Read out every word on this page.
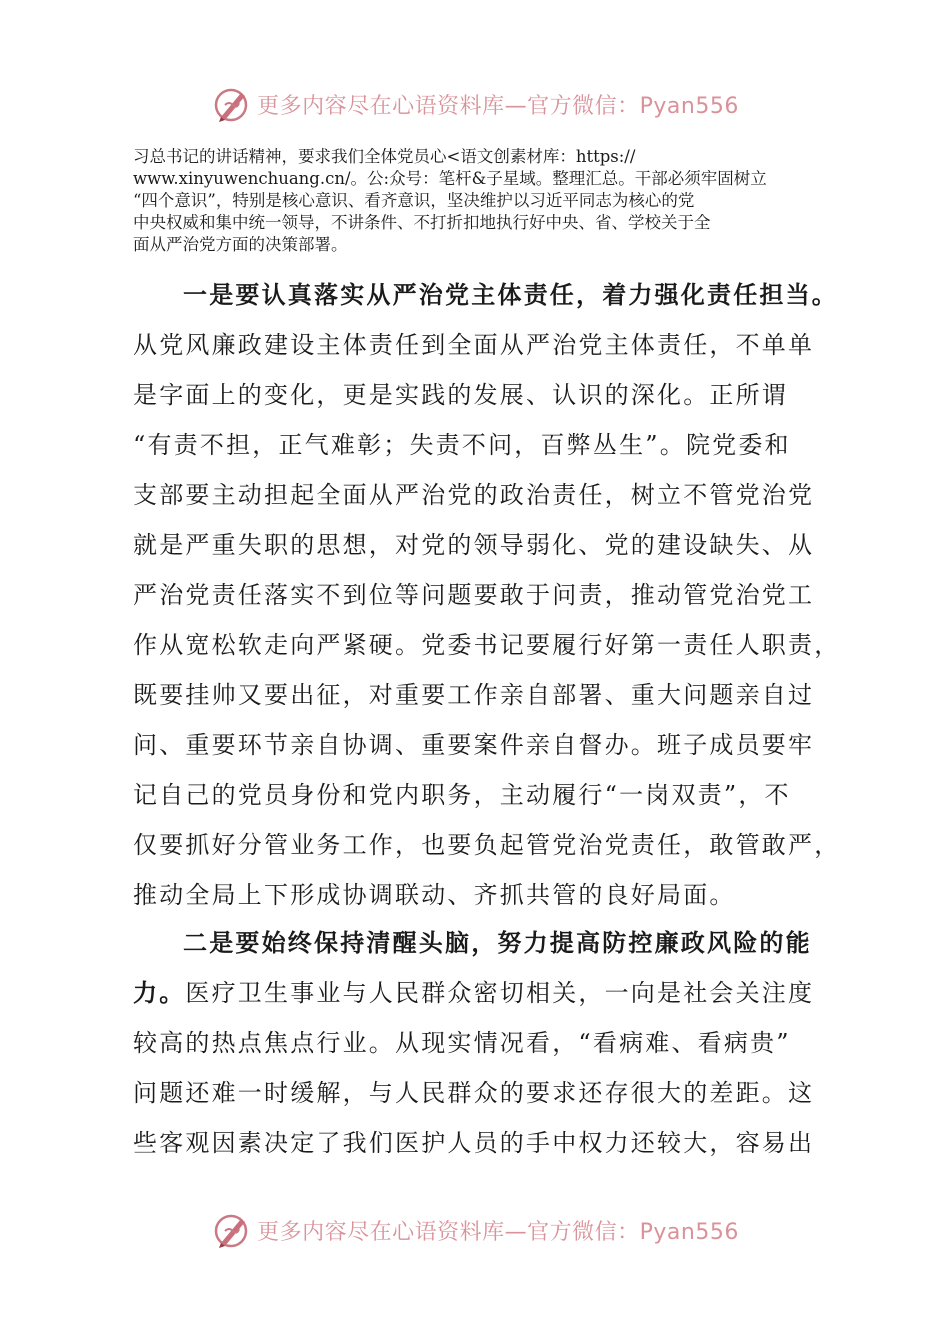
更多内容尽在心语资料库—官方微信：Pyan556
习总书记的讲话精神，要求我们全体党员心<语文创素材库：https://
www.xinyuwenchuang.cn/。公:众号：笔杆&子星域。整理汇总。干部必须牢固树立
“四个意识”，特别是核心意识、看齐意识，坚决维护以习近平同志为核心的党
中央权威和集中统一领导，不讲条件、不打折扣地执行好中央、省、学校关于全
面从严治党方面的决策部署。
一是要认真落实从严治党主体责任，着力强化责任担当。
从党风廉政建设主体责任到全面从严治党主体责任，不单单
是字面上的变化，更是实践的发展、认识的深化。正所谓
“有责不担，正气难彰；失责不问，百弊丛生”。院党委和
支部要主动担起全面从严治党的政治责任，树立不管党治党
就是严重失职的思想，对党的领导弱化、党的建设缺失、从
严治党责任落实不到位等问题要敢于问责，推动管党治党工
作从宽松软走向严紧硬。党委书记要履行好第一责任人职责，
既要挂帅又要出征，对重要工作亲自部署、重大问题亲自过
问、重要环节亲自协调、重要案件亲自督办。班子成员要牢
记自己的党员身份和党内职务，主动履行“一岗双责”，不
仅要抓好分管业务工作，也要负起管党治党责任，敢管敢严，
推动全局上下形成协调联动、齐抓共管的良好局面。
二是要始终保持清醒头脑，努力提高防控廉政风险的能
力。医疗卫生事业与人民群众密切相关，一向是社会关注度
较高的热点焦点行业。从现实情况看，“看病难、看病贵”
问题还难一时缓解，与人民群众的要求还存很大的差距。这
些客观因素决定了我们医护人员的手中权力还较大，容易出
更多内容尽在心语资料库—官方微信：Pyan556
